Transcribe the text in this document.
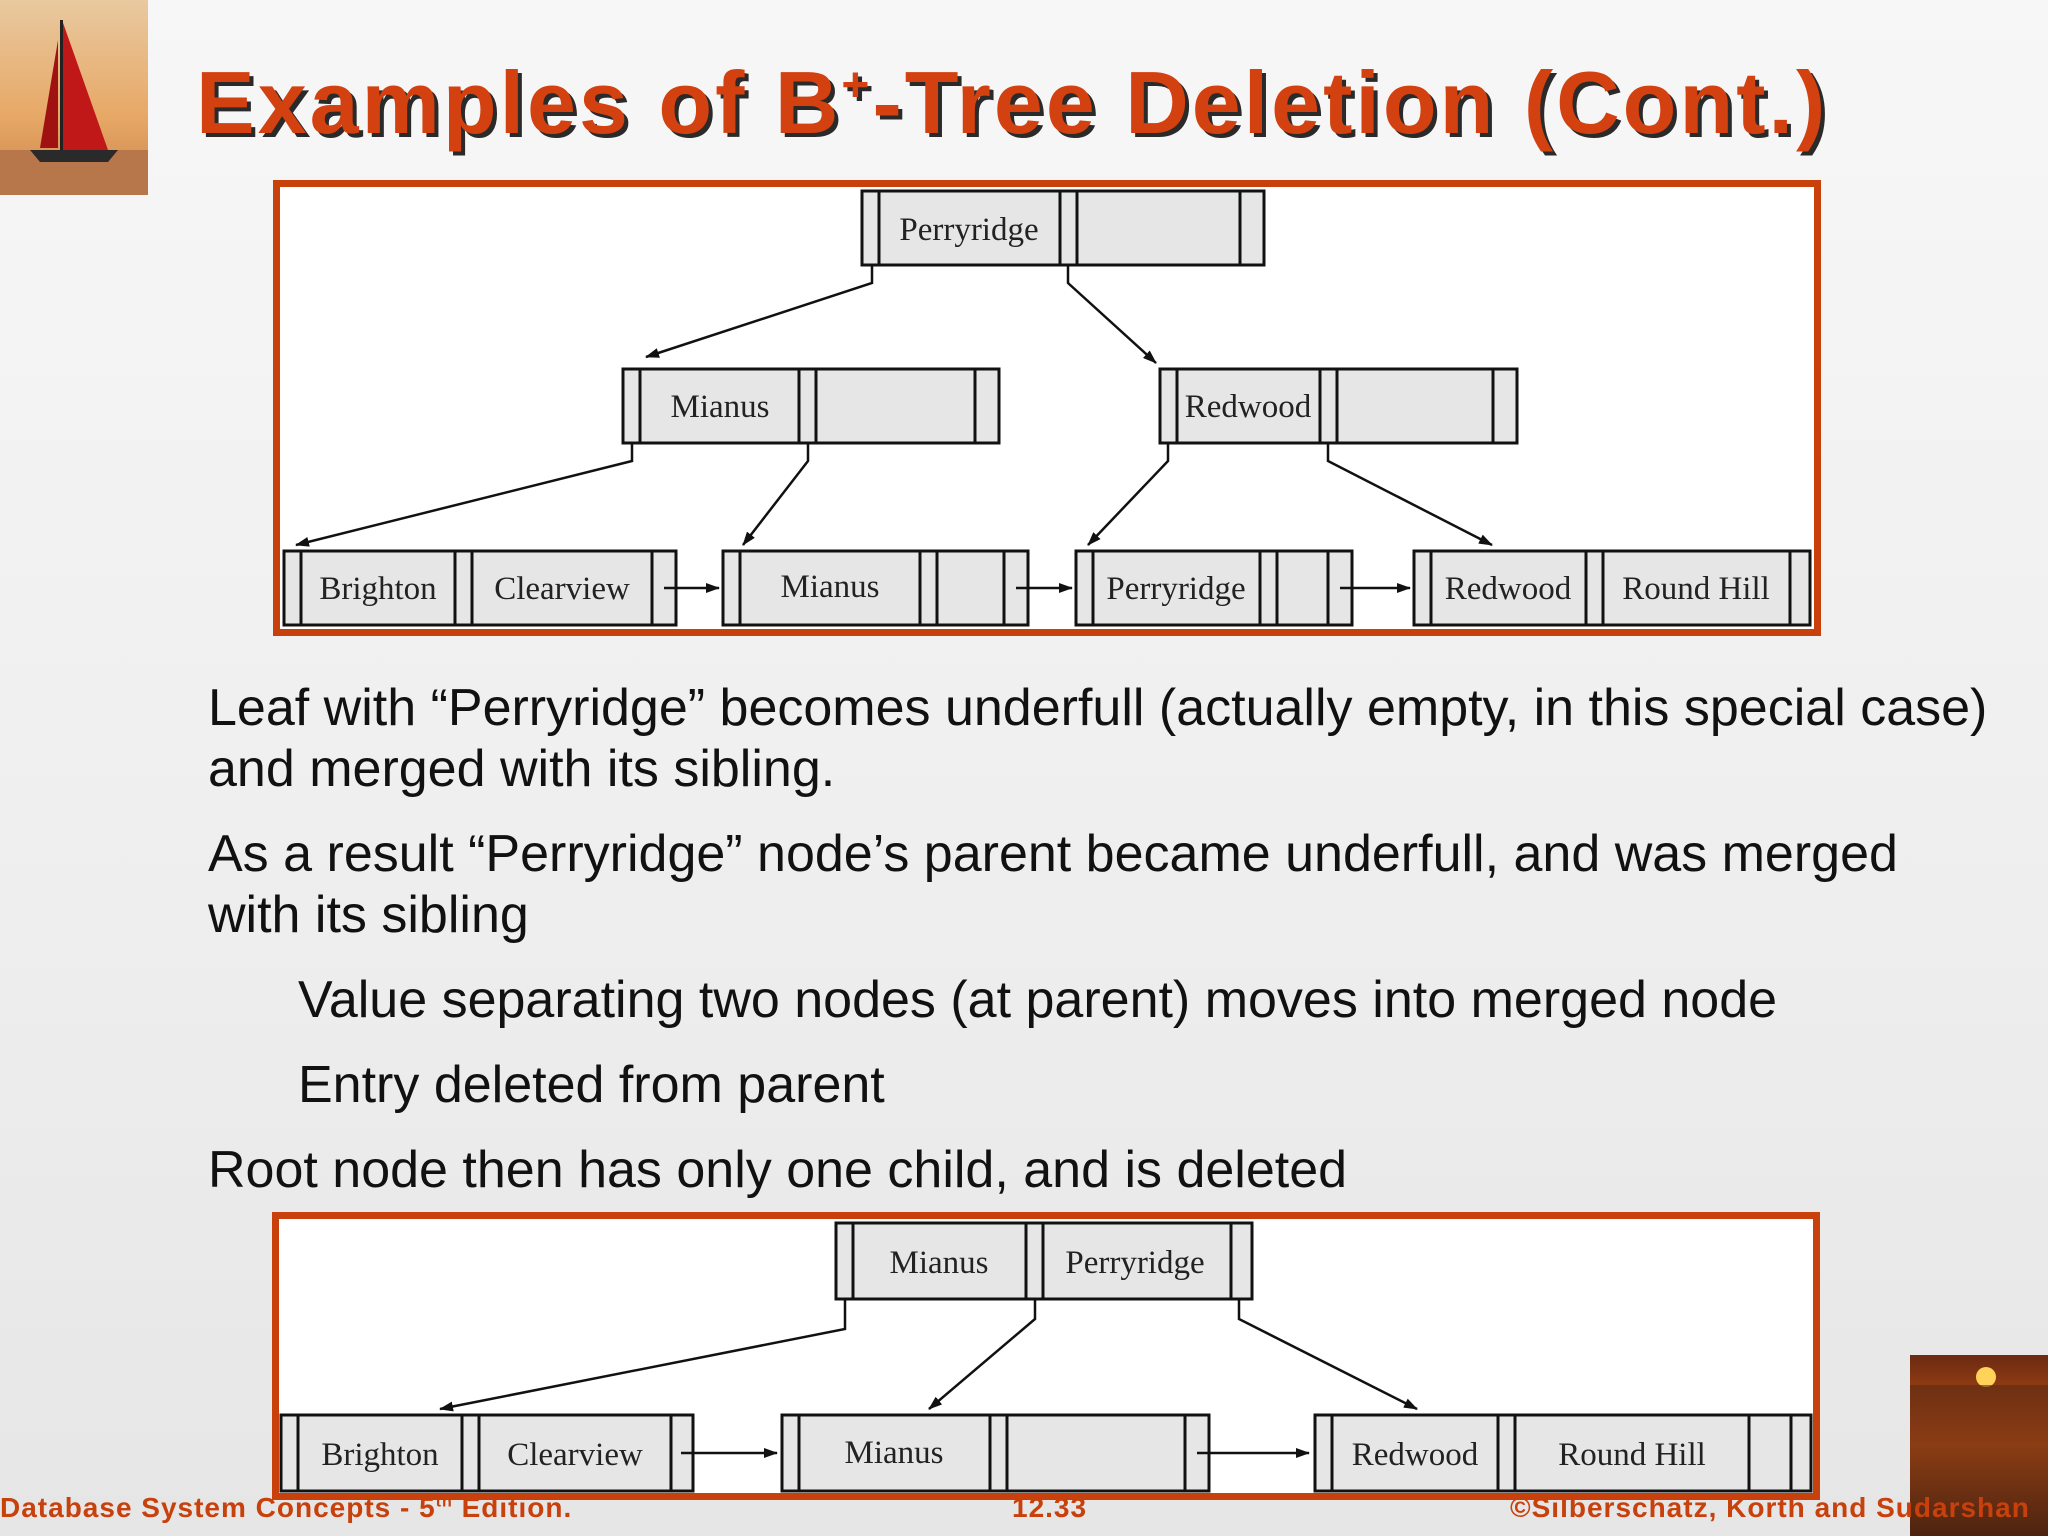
Examples of B+-Tree Deletion (Cont.)
Perryridge
Mianus	Redwood
Brighton Clearview	Mianus	Perryridge	Redwood Round Hill
Leaf with “Perryridge” becomes underfull (actually empty, in this special case) and merged with its sibling.
As a result “Perryridge” node’s parent became underfull, and was merged with its sibling
Value separating two nodes (at parent) moves into merged node
Entry deleted from parent
Root node then has only one child, and is deleted
Mianus Perryridge
Brighton Clearview	Mianus	Redwood Round Hill
Database System Concepts - 5th Edition.	12.33	©Silberschatz, Korth and Sudarshan
